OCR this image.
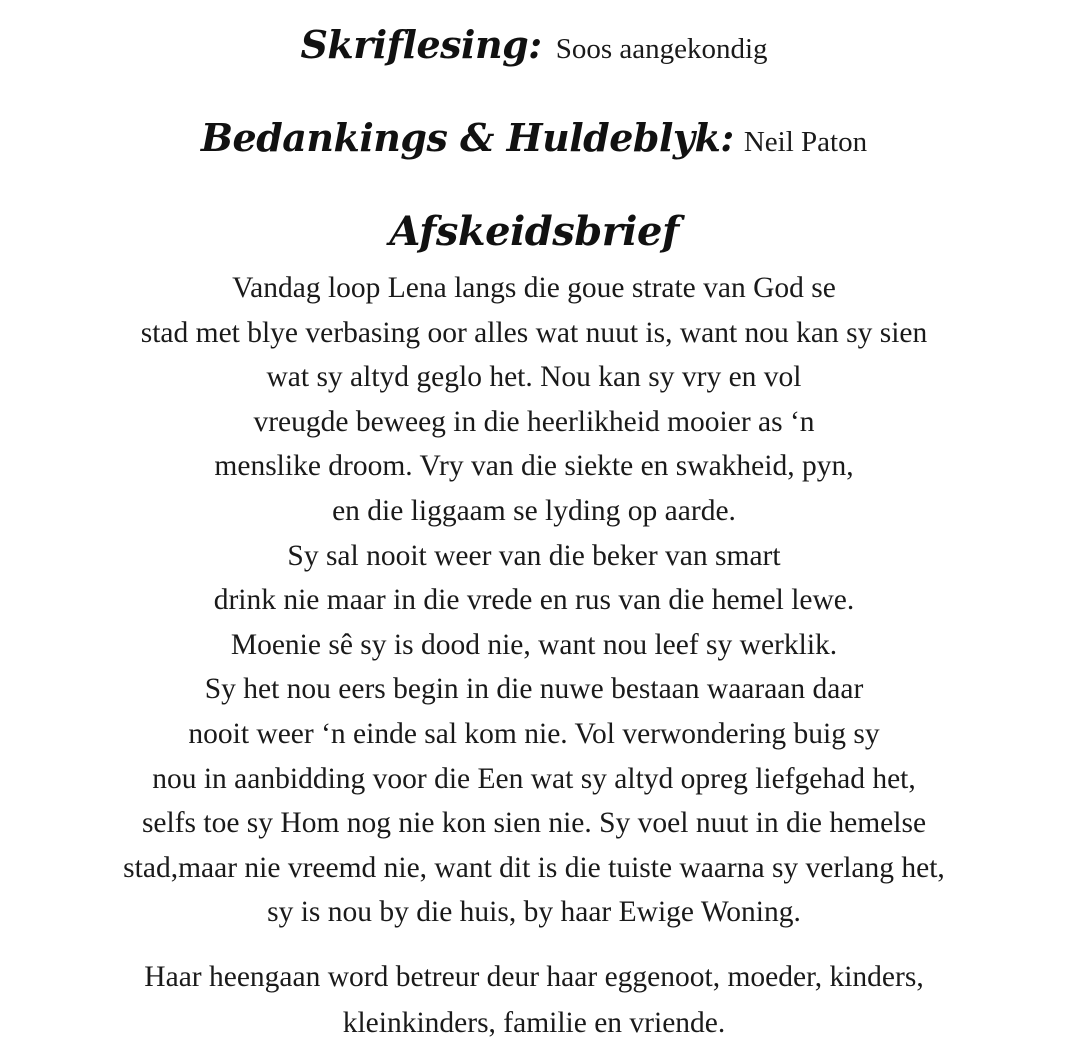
Skriflesing: Soos aangekondig
Bedankings & Huldeblyk: Neil Paton
Afskeidsbrief
Vandag loop Lena langs die goue strate van God se
stad met blye verbasing oor alles wat nuut is, want nou kan sy sien
wat sy altyd geglo het. Nou kan sy vry en vol
vreugde beweeg in die heerlikheid mooier as ‘n
menslike droom. Vry van die siekte en swakheid, pyn,
en die liggaam se lyding op aarde.
Sy sal nooit weer van die beker van smart
drink nie maar in die vrede en rus van die hemel lewe.
Moenie sê sy is dood nie, want nou leef sy werklik.
Sy het nou eers begin in die nuwe bestaan waaraan daar
nooit weer ‘n einde sal kom nie. Vol verwondering buig sy
nou in aanbidding voor die Een wat sy altyd opreg liefgehad het,
selfs toe sy Hom nog nie kon sien nie. Sy voel nuut in die hemelse
stad,maar nie vreemd nie, want dit is die tuiste waarna sy verlang het,
sy is nou by die huis, by haar Ewige Woning.
Haar heengaan word betreur deur haar eggenoot, moeder, kinders,
kleinkinders, familie en vriende.
